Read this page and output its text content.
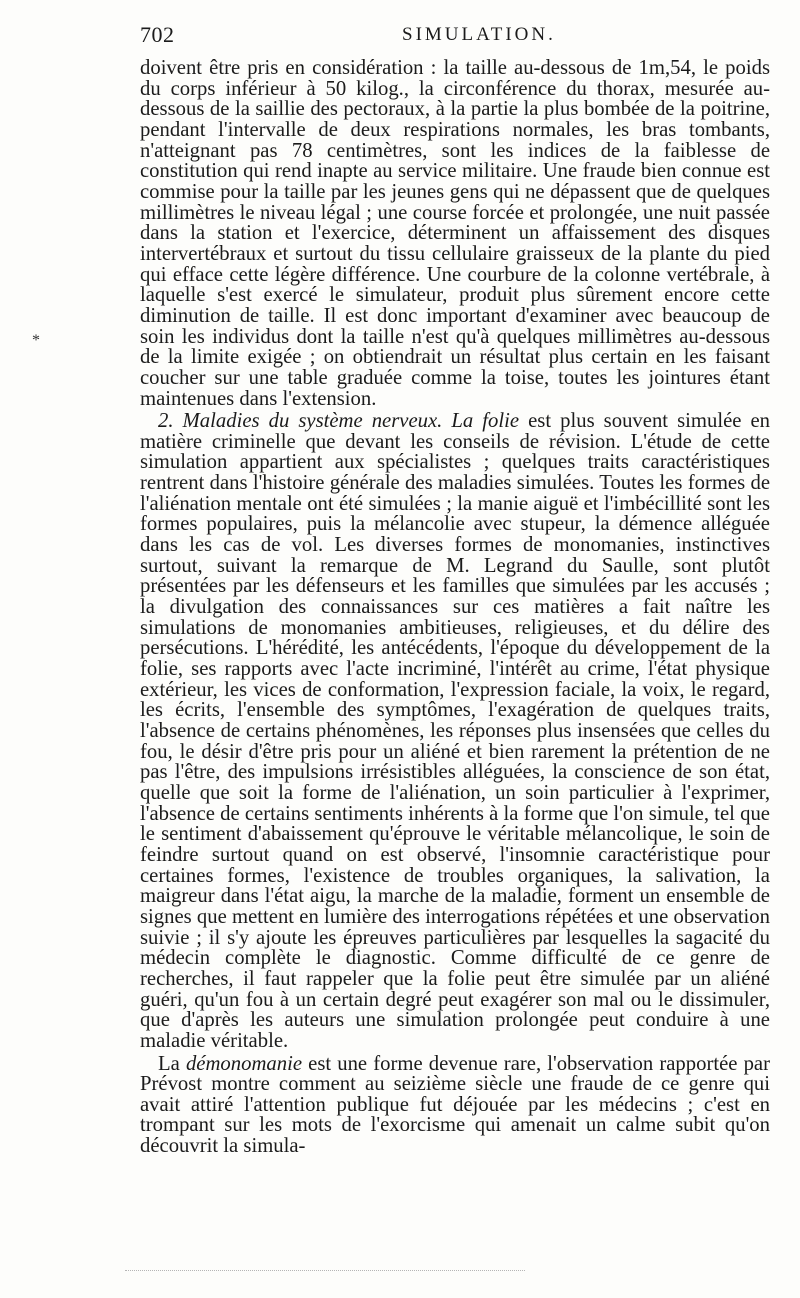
702	SIMULATION.
*

doivent être pris en considération : la taille au-dessous de 1m,54, le poids du corps inférieur à 50 kilog., la circonférence du thorax, mesurée au-dessous de la saillie des pectoraux, à la partie la plus bombée de la poitrine, pendant l'intervalle de deux respirations normales, les bras tombants, n'atteignant pas 78 centimètres, sont les indices de la faiblesse de constitution qui rend inapte au service militaire. Une fraude bien connue est commise pour la taille par les jeunes gens qui ne dépassent que de quelques millimètres le niveau légal ; une course forcée et prolongée, une nuit passée dans la station et l'exercice, déterminent un affaissement des disques intervertébraux et surtout du tissu cellulaire graisseux de la plante du pied qui efface cette légère différence. Une courbure de la colonne vertébrale, à laquelle s'est exercé le simulateur, produit plus sûrement encore cette diminution de taille. Il est donc important d'examiner avec beaucoup de soin les individus dont la taille n'est qu'à quelques millimètres au-dessous de la limite exigée ; on obtiendrait un résultat plus certain en les faisant coucher sur une table graduée comme la toise, toutes les jointures étant maintenues dans l'extension.

2. Maladies du système nerveux. La folie est plus souvent simulée en matière criminelle que devant les conseils de révision. L'étude de cette simulation appartient aux spécialistes ; quelques traits caractéristiques rentrent dans l'histoire générale des maladies simulées. Toutes les formes de l'aliénation mentale ont été simulées ; la manie aiguë et l'imbécillité sont les formes populaires, puis la mélancolie avec stupeur, la démence alléguée dans les cas de vol. Les diverses formes de monomanies, instinctives surtout, suivant la remarque de M. Legrand du Saulle, sont plutôt présentées par les défenseurs et les familles que simulées par les accusés ; la divulgation des connaissances sur ces matières a fait naître les simulations de monomanies ambitieuses, religieuses, et du délire des persécutions. L'hérédité, les antécédents, l'époque du développement de la folie, ses rapports avec l'acte incriminé, l'intérêt au crime, l'état physique extérieur, les vices de conformation, l'expression faciale, la voix, le regard, les écrits, l'ensemble des symptômes, l'exagération de quelques traits, l'absence de certains phénomènes, les réponses plus insensées que celles du fou, le désir d'être pris pour un aliéné et bien rarement la prétention de ne pas l'être, des impulsions irrésistibles alléguées, la conscience de son état, quelle que soit la forme de l'aliénation, un soin particulier à l'exprimer, l'absence de certains sentiments inhérents à la forme que l'on simule, tel que le sentiment d'abaissement qu'éprouve le véritable mélancolique, le soin de feindre surtout quand on est observé, l'insomnie caractéristique pour certaines formes, l'existence de troubles organiques, la salivation, la maigreur dans l'état aigu, la marche de la maladie, forment un ensemble de signes que mettent en lumière des interrogations répétées et une observation suivie ; il s'y ajoute les épreuves particulières par lesquelles la sagacité du médecin complète le diagnostic. Comme difficulté de ce genre de recherches, il faut rappeler que la folie peut être simulée par un aliéné guéri, qu'un fou à un certain degré peut exagérer son mal ou le dissimuler, que d'après les auteurs une simulation prolongée peut conduire à une maladie véritable.

La démonomanie est une forme devenue rare, l'observation rapportée par Prévost montre comment au seizième siècle une fraude de ce genre qui avait attiré l'attention publique fut déjouée par les médecins ; c'est en trompant sur les mots de l'exorcisme qui amenait un calme subit qu'on découvrit la simula-
